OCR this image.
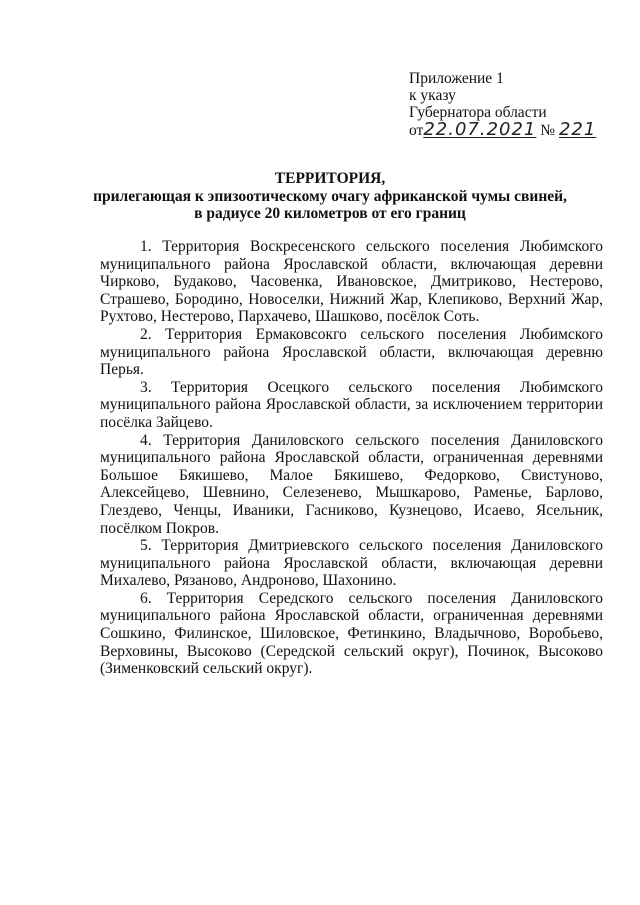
Приложение 1
к указу
Губернатора области
от22.07.2021 № 221
ТЕРРИТОРИЯ,
прилегающая к эпизоотическому очагу африканской чумы свиней,
в радиусе 20 километров от его границ

1. Территория Воскресенского сельского поселения Любимского муниципального района Ярославской области, включающая деревни Чирково, Будаково, Часовенка, Ивановское, Дмитриково, Нестерово, Страшево, Бородино, Новоселки, Нижний Жар, Клепиково, Верхний Жар, Рухтово, Нестерово, Пархачево, Шашково, посёлок Соть.

2. Территория Ермаковсокго сельского поселения Любимского муниципального района Ярославской области, включающая деревню Перья.

3. Территория Осецкого сельского поселения Любимского муниципального района Ярославской области, за исключением территории посёлка Зайцево.

4. Территория Даниловского сельского поселения Даниловского муниципального района Ярославской области, ограниченная деревнями Большое Бякишево, Малое Бякишево, Федорково, Свистуново, Алексейцево, Шевнино, Селезенево, Мышкарово, Раменье, Барлово, Глездево, Ченцы, Иваники, Гасниково, Кузнецово, Исаево, Ясельник, посёлком Покров.

5. Территория Дмитриевского сельского поселения Даниловского муниципального района Ярославской области, включающая деревни Михалево, Рязаново, Андроново, Шахонино.

6. Территория Середского сельского поселения Даниловского муниципального района Ярославской области, ограниченная деревнями Сошкино, Филинское, Шиловское, Фетинкино, Владычново, Воробьево, Верховины, Высоково (Середской сельский округ), Починок, Высоково (Зименковский сельский округ).
